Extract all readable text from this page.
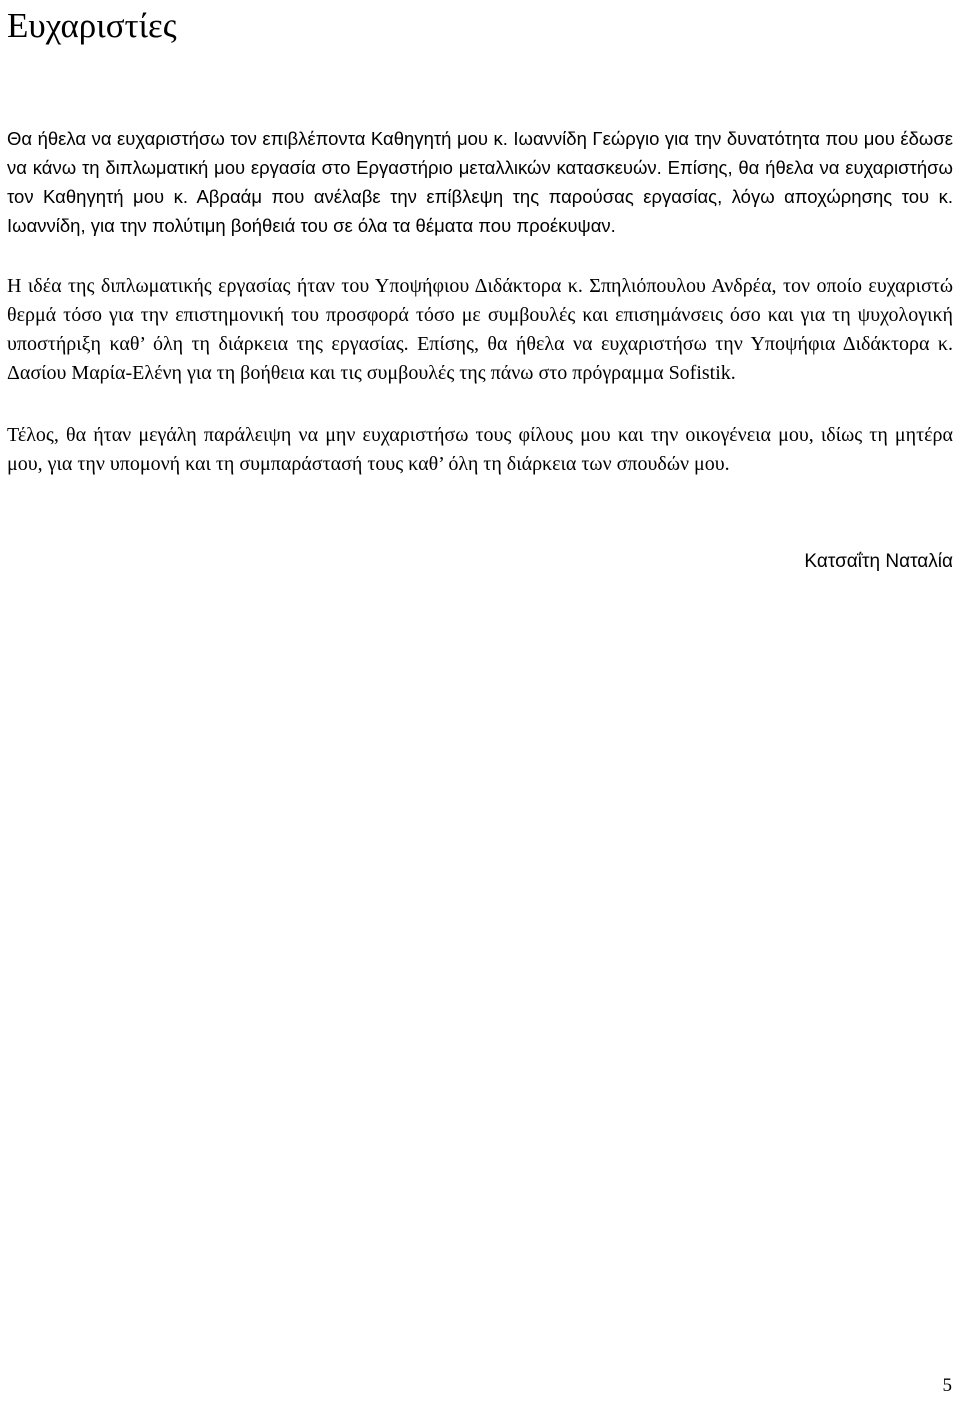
Ευχαριστίες

Θα ήθελα να ευχαριστήσω τον επιβλέποντα Καθηγητή μου κ. Ιωαννίδη Γεώργιο για την δυνατότητα που μου έδωσε να κάνω τη διπλωματική μου εργασία στο Εργαστήριο μεταλλικών κατασκευών. Επίσης, θα ήθελα να ευχαριστήσω τον Καθηγητή μου κ. Αβραάμ που ανέλαβε την επίβλεψη της παρούσας εργασίας, λόγω αποχώρησης του κ. Ιωαννίδη, για την πολύτιμη βοήθειά του σε όλα τα θέματα που προέκυψαν.

Η ιδέα της διπλωματικής εργασίας ήταν του Υποψήφιου Διδάκτορα κ. Σπηλιόπουλου Ανδρέα, τον οποίο ευχαριστώ θερμά τόσο για την επιστημονική του προσφορά τόσο με συμβουλές και επισημάνσεις όσο και για τη ψυχολογική υποστήριξη καθ’ όλη τη διάρκεια της εργασίας. Επίσης, θα ήθελα να ευχαριστήσω την Υποψήφια Διδάκτορα κ. Δασίου Μαρία-Ελένη για τη βοήθεια και τις συμβουλές της πάνω στο πρόγραμμα Sofistik.

Τέλος, θα ήταν μεγάλη παράλειψη να μην ευχαριστήσω τους φίλους μου και την οικογένεια μου, ιδίως τη μητέρα μου, για την υπομονή και τη συμπαράστασή τους καθ’ όλη τη διάρκεια των σπουδών μου.

Κατσαΐτη Ναταλία

5
